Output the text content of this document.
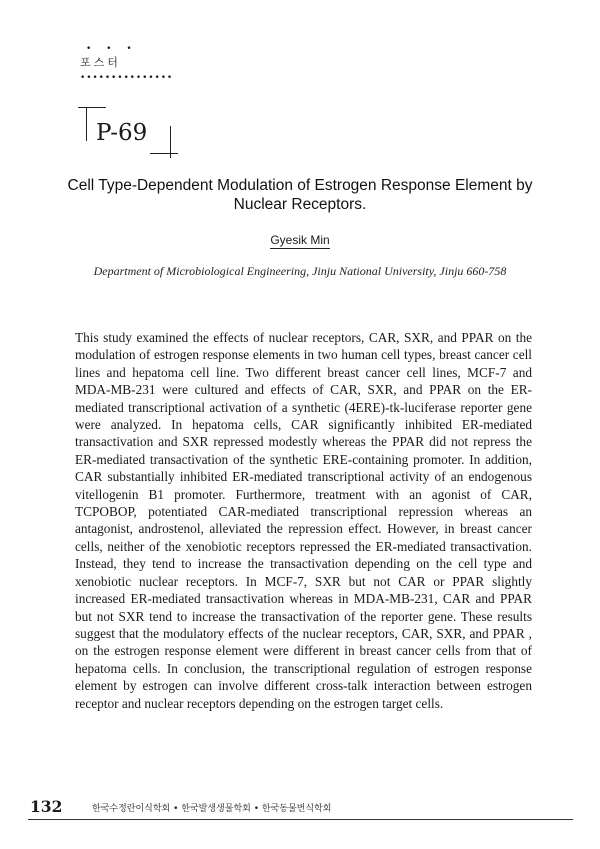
• • •
포스터
•••••••••••••••
P-69
Cell Type-Dependent Modulation of Estrogen Response Element by Nuclear Receptors.
Gyesik Min
Department of Microbiological Engineering, Jinju National University, Jinju 660-758

This study examined the effects of nuclear receptors, CAR, SXR, and PPAR on the modulation of estrogen response elements in two human cell types, breast cancer cell lines and hepatoma cell line. Two different breast cancer cell lines, MCF-7 and MDA-MB-231 were cultured and effects of CAR, SXR, and PPAR on the ER-mediated transcriptional activation of a synthetic (4ERE)-tk-luciferase reporter gene were analyzed. In hepatoma cells, CAR significantly inhibited ER-mediated transactivation and SXR repressed modestly whereas the PPAR did not repress the ER-mediated transactivation of the synthetic ERE-containing promoter. In addition, CAR substantially inhibited ER-mediated transcriptional activity of an endogenous vitellogenin B1 promoter. Furthermore, treatment with an agonist of CAR, TCPOBOP, potentiated CAR-mediated transcriptional repression whereas an antagonist, androstenol, alleviated the repression effect. However, in breast cancer cells, neither of the xenobiotic receptors repressed the ER-mediated transactivation. Instead, they tend to increase the transactivation depending on the cell type and xenobiotic nuclear receptors. In MCF-7, SXR but not CAR or PPAR slightly increased ER-mediated transactivation whereas in MDA-MB-231, CAR and PPAR but not SXR tend to increase the transactivation of the reporter gene. These results suggest that the modulatory effects of the nuclear receptors, CAR, SXR, and PPAR , on the estrogen response element were different in breast cancer cells from that of hepatoma cells. In conclusion, the transcriptional regulation of estrogen response element by estrogen can involve different cross-talk interaction between estrogen receptor and nuclear receptors depending on the estrogen target cells.

132	한국수정란이식학회 • 한국발생생물학회 • 한국동물번식학회
